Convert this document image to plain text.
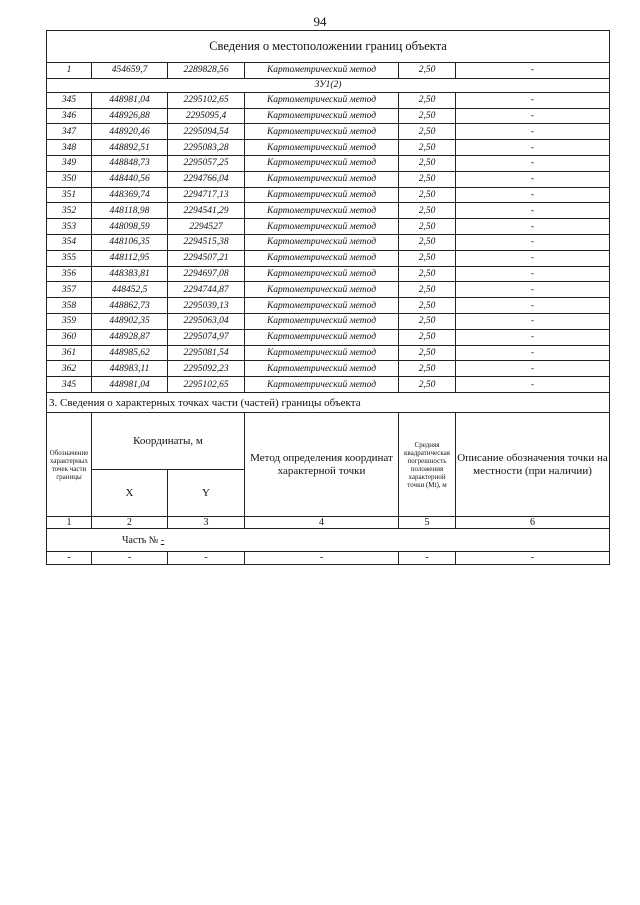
94
Сведения о местоположении границ объекта					
1	454659,7	2289828,56	Картометрический метод	2,50	-
ЗУ1(2)					
345	448981,04	2295102,65	Картометрический метод	2,50	-
346	448926,88	2295095,4	Картометрический метод	2,50	-
347	448920,46	2295094,54	Картометрический метод	2,50	-
348	448892,51	2295083,28	Картометрический метод	2,50	-
349	448848,73	2295057,25	Картометрический метод	2,50	-
350	448440,56	2294766,04	Картометрический метод	2,50	-
351	448369,74	2294717,13	Картометрический метод	2,50	-
352	448118,98	2294541,29	Картометрический метод	2,50	-
353	448098,59	2294527	Картометрический метод	2,50	-
354	448106,35	2294515,38	Картометрический метод	2,50	-
355	448112,95	2294507,21	Картометрический метод	2,50	-
356	448383,81	2294697,08	Картометрический метод	2,50	-
357	448452,5	2294744,87	Картометрический метод	2,50	-
358	448862,73	2295039,13	Картометрический метод	2,50	-
359	448902,35	2295063,04	Картометрический метод	2,50	-
360	448928,87	2295074,97	Картометрический метод	2,50	-
361	448985,62	2295081,54	Картометрический метод	2,50	-
362	448983,11	2295092,23	Картометрический метод	2,50	-
345	448981,04	2295102,65	Картометрический метод	2,50	-
3. Сведения о характерных точках части (частей) границы объекта					
Обозначение характерных точек части границы	Координаты, м		Метод определения координат характерной точки	Средняя квадратическая погрешность положения характерной точки (Mt), м	Описание обозначения точки на местности (при наличии)
	X	Y			
1	2	3	4	5	6
Часть № -					
-	-	-	-	-	-
